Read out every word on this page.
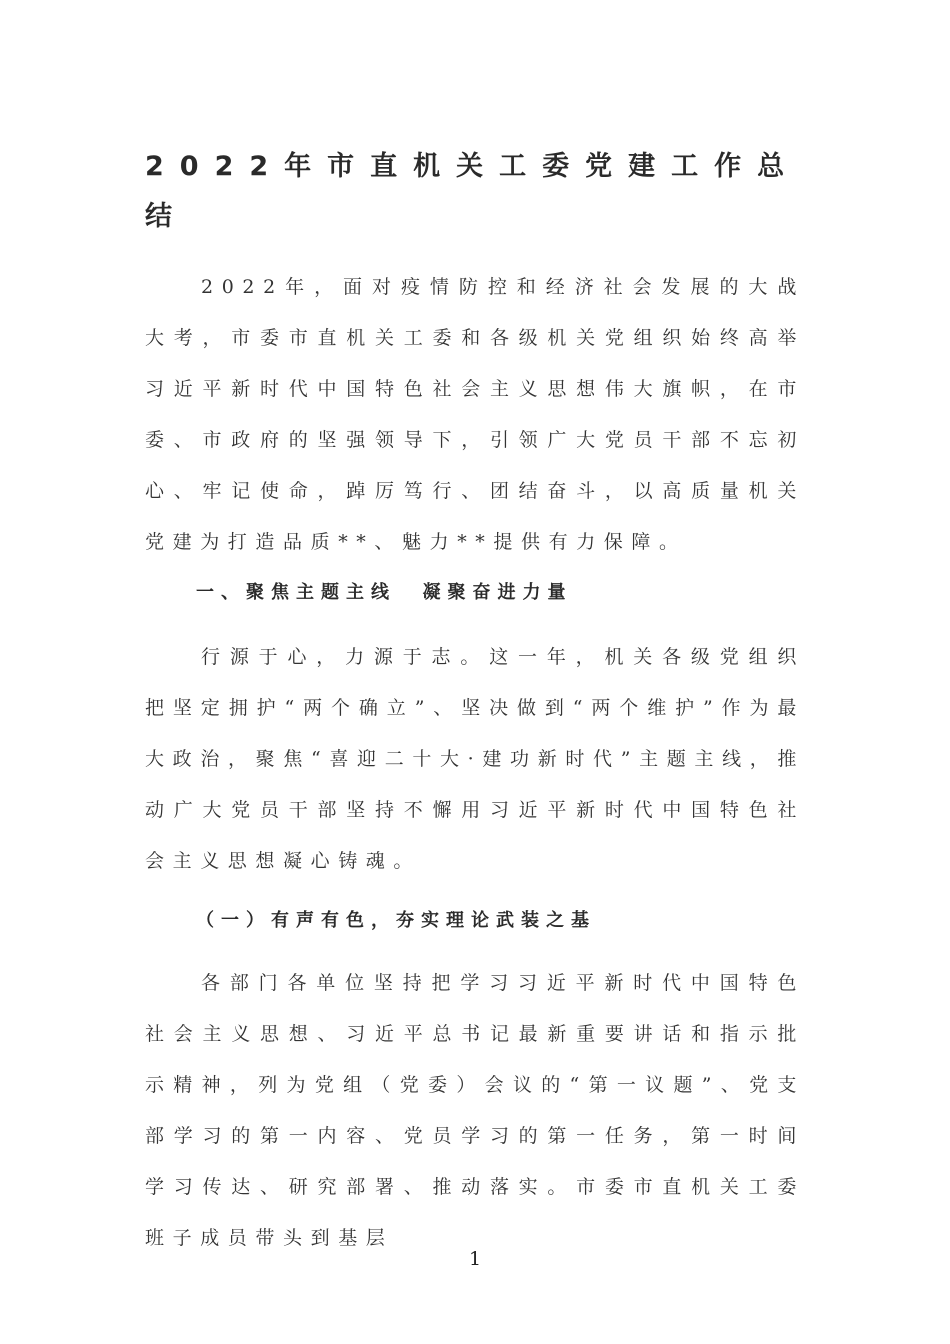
2022年市直机关工委党建工作总结

2022年，面对疫情防控和经济社会发展的大战大考，市委市直机关工委和各级机关党组织始终高举习近平新时代中国特色社会主义思想伟大旗帜，在市委、市政府的坚强领导下，引领广大党员干部不忘初心、牢记使命，踔厉笃行、团结奋斗，以高质量机关党建为打造品质**、魅力**提供有力保障。

一、聚焦主题主线  凝聚奋进力量

行源于心，力源于志。这一年，机关各级党组织把坚定拥护“两个确立”、坚决做到“两个维护”作为最大政治，聚焦“喜迎二十大·建功新时代”主题主线，推动广大党员干部坚持不懈用习近平新时代中国特色社会主义思想凝心铸魂。

（一）有声有色，夯实理论武装之基

各部门各单位坚持把学习习近平新时代中国特色社会主义思想、习近平总书记最新重要讲话和指示批示精神，列为党组（党委）会议的“第一议题”、党支部学习的第一内容、党员学习的第一任务，第一时间学习传达、研究部署、推动落实。市委市直机关工委班子成员带头到基层

1
